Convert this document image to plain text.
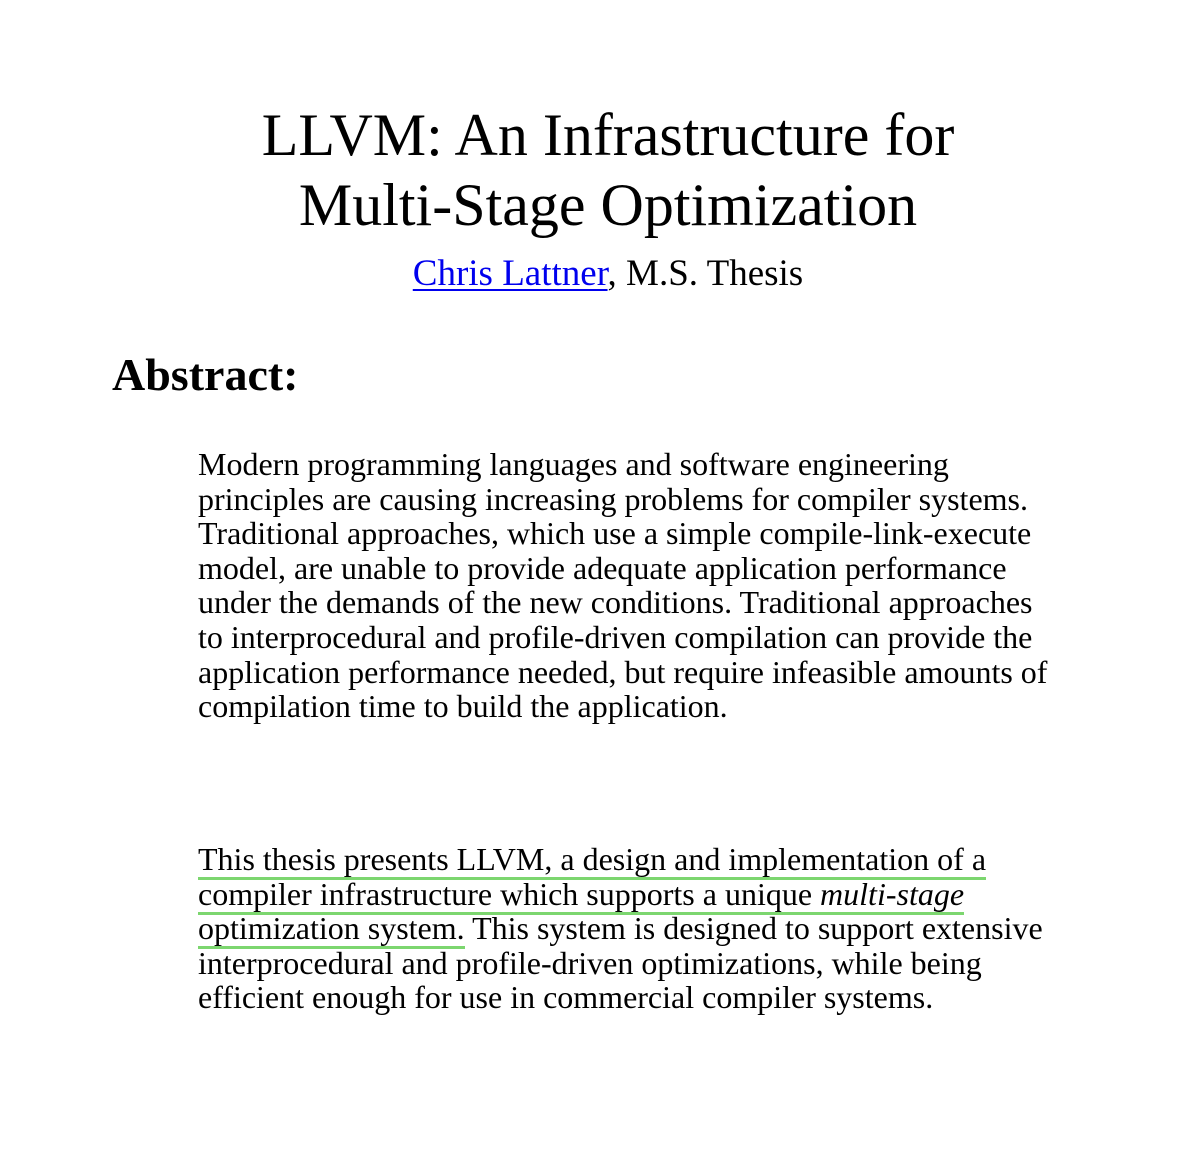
LLVM: An Infrastructure for
Multi-Stage Optimization
Chris Lattner, M.S. Thesis
Abstract:

Modern programming languages and software engineering principles are causing increasing problems for compiler systems. Traditional approaches, which use a simple compile-link-execute model, are unable to provide adequate application performance under the demands of the new conditions. Traditional approaches to interprocedural and profile-driven compilation can provide the application performance needed, but require infeasible amounts of compilation time to build the application.

This thesis presents LLVM, a design and implementation of a compiler infrastructure which supports a unique multi-stage optimization system. This system is designed to support extensive interprocedural and profile-driven optimizations, while being efficient enough for use in commercial compiler systems.
